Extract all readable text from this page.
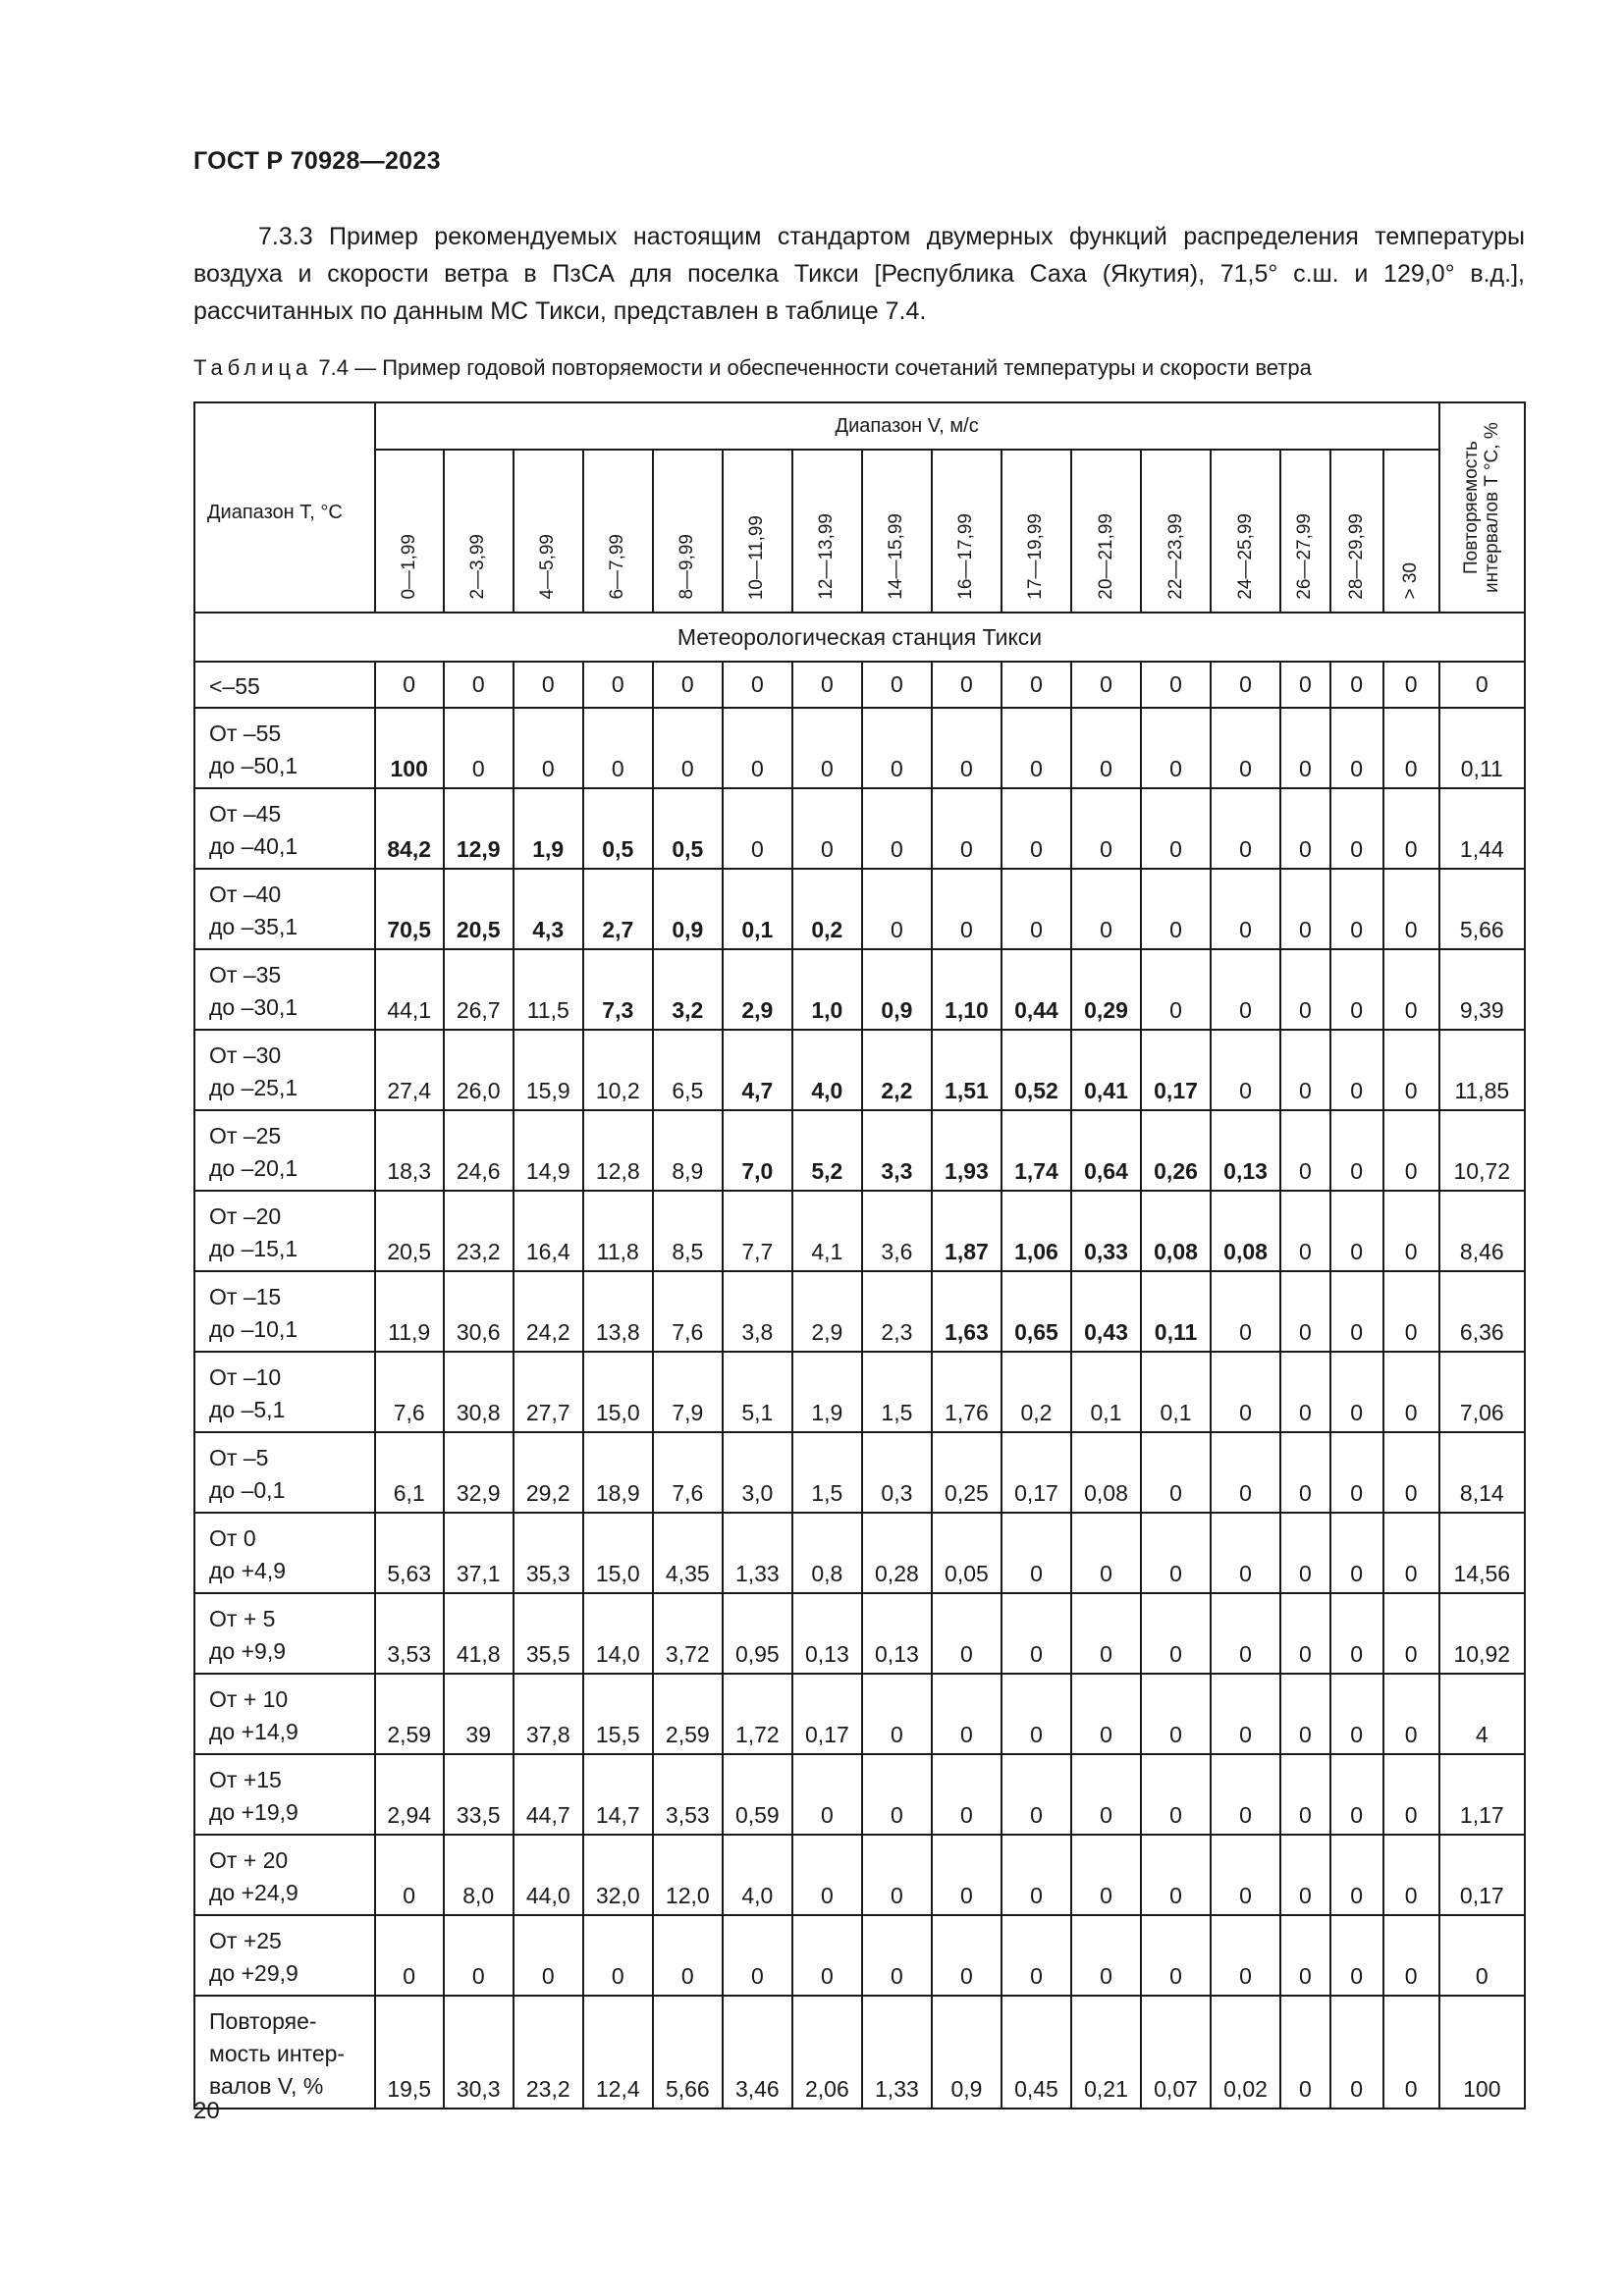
ГОСТ Р 70928—2023
7.3.3 Пример рекомендуемых настоящим стандартом двумерных функций распределения температуры воздуха и скорости ветра в ПзСА для поселка Тикси [Республика Саха (Якутия), 71,5° с.ш. и 129,0° в.д.], рассчитанных по данным МС Тикси, представлен в таблице 7.4.
Таблица 7.4 — Пример годовой повторяемости и обеспеченности сочетаний температуры и скорости ветра
Диапазон T, °C	Диапазон V, м/с																Повторяемость интервалов T °C, %

	0—1,99	2—3,99	4—5,99	6—7,99	8—9,99	10—11,99	12—13,99	14—15,99	16—17,99	17—19,99	20—21,99	22—23,99	24—25,99	26—27,99	28—29,99	> 30	

Метеорологическая станция Тикси																	

<–55	0	0	0	0	0	0	0	0	0	0	0	0	0	0	0	0	0

От –55
до –50,1	100	0	0	0	0	0	0	0	0	0	0	0	0	0	0	0	0,11

От –45
до –40,1	84,2	12,9	1,9	0,5	0,5	0	0	0	0	0	0	0	0	0	0	0	1,44

От –40
до –35,1	70,5	20,5	4,3	2,7	0,9	0,1	0,2	0	0	0	0	0	0	0	0	0	5,66

От –35
до –30,1	44,1	26,7	11,5	7,3	3,2	2,9	1,0	0,9	1,10	0,44	0,29	0	0	0	0	0	9,39

От –30
до –25,1	27,4	26,0	15,9	10,2	6,5	4,7	4,0	2,2	1,51	0,52	0,41	0,17	0	0	0	0	11,85

От –25
до –20,1	18,3	24,6	14,9	12,8	8,9	7,0	5,2	3,3	1,93	1,74	0,64	0,26	0,13	0	0	0	10,72

От –20
до –15,1	20,5	23,2	16,4	11,8	8,5	7,7	4,1	3,6	1,87	1,06	0,33	0,08	0,08	0	0	0	8,46

От –15
до –10,1	11,9	30,6	24,2	13,8	7,6	3,8	2,9	2,3	1,63	0,65	0,43	0,11	0	0	0	0	6,36

От –10
до –5,1	7,6	30,8	27,7	15,0	7,9	5,1	1,9	1,5	1,76	0,2	0,1	0,1	0	0	0	0	7,06

От –5
до –0,1	6,1	32,9	29,2	18,9	7,6	3,0	1,5	0,3	0,25	0,17	0,08	0	0	0	0	0	8,14

От 0
до +4,9	5,63	37,1	35,3	15,0	4,35	1,33	0,8	0,28	0,05	0	0	0	0	0	0	0	14,56

От + 5
до +9,9	3,53	41,8	35,5	14,0	3,72	0,95	0,13	0,13	0	0	0	0	0	0	0	0	10,92

От + 10
до +14,9	2,59	39	37,8	15,5	2,59	1,72	0,17	0	0	0	0	0	0	0	0	0	4

От +15
до +19,9	2,94	33,5	44,7	14,7	3,53	0,59	0	0	0	0	0	0	0	0	0	0	1,17

От + 20
до +24,9	0	8,0	44,0	32,0	12,0	4,0	0	0	0	0	0	0	0	0	0	0	0,17

От +25
до +29,9	0	0	0	0	0	0	0	0	0	0	0	0	0	0	0	0	0

Повторяе-
мость интер-
валов V, %	19,5	30,3	23,2	12,4	5,66	3,46	2,06	1,33	0,9	0,45	0,21	0,07	0,02	0	0	0	100
20
